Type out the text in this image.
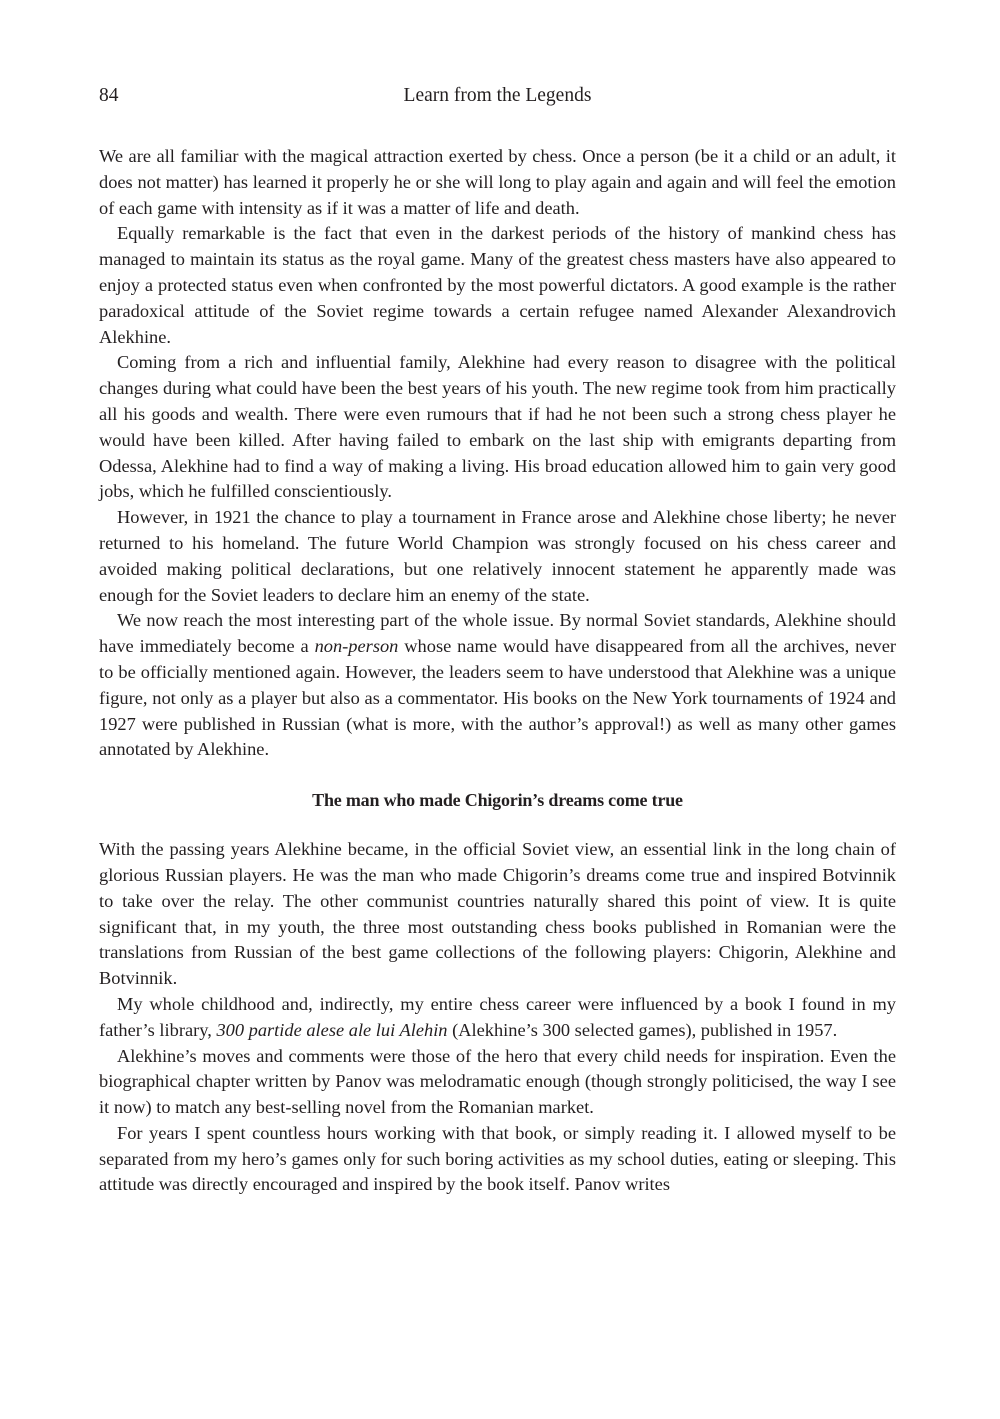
84	Learn from the Legends

We are all familiar with the magical attraction exerted by chess. Once a person (be it a child or an adult, it does not matter) has learned it properly he or she will long to play again and again and will feel the emotion of each game with intensity as if it was a matter of life and death.

Equally remarkable is the fact that even in the darkest periods of the history of mankind chess has managed to maintain its status as the royal game. Many of the greatest chess masters have also appeared to enjoy a protected status even when confronted by the most powerful dictators. A good example is the rather paradoxical attitude of the Soviet regime towards a certain refugee named Alexander Alexandrovich Alekhine.

Coming from a rich and influential family, Alekhine had every reason to disagree with the political changes during what could have been the best years of his youth. The new regime took from him practically all his goods and wealth. There were even rumours that if had he not been such a strong chess player he would have been killed. After having failed to embark on the last ship with emigrants departing from Odessa, Alekhine had to find a way of making a living. His broad education allowed him to gain very good jobs, which he fulfilled conscientiously.

However, in 1921 the chance to play a tournament in France arose and Alekhine chose liberty; he never returned to his homeland. The future World Champion was strongly focused on his chess career and avoided making political declarations, but one relatively innocent statement he apparently made was enough for the Soviet leaders to declare him an enemy of the state.

We now reach the most interesting part of the whole issue. By normal Soviet standards, Alekhine should have immediately become a non-person whose name would have disappeared from all the archives, never to be officially mentioned again. However, the leaders seem to have understood that Alekhine was a unique figure, not only as a player but also as a commentator. His books on the New York tournaments of 1924 and 1927 were published in Russian (what is more, with the author’s approval!) as well as many other games annotated by Alekhine.

The man who made Chigorin’s dreams come true

With the passing years Alekhine became, in the official Soviet view, an essential link in the long chain of glorious Russian players. He was the man who made Chigorin’s dreams come true and inspired Botvinnik to take over the relay. The other communist countries naturally shared this point of view. It is quite significant that, in my youth, the three most outstanding chess books published in Romanian were the translations from Russian of the best game collections of the following players: Chigorin, Alekhine and Botvinnik.

My whole childhood and, indirectly, my entire chess career were influenced by a book I found in my father’s library, 300 partide alese ale lui Alehin (Alekhine’s 300 selected games), published in 1957.

Alekhine’s moves and comments were those of the hero that every child needs for inspiration. Even the biographical chapter written by Panov was melodramatic enough (though strongly politicised, the way I see it now) to match any best-selling novel from the Romanian market.

For years I spent countless hours working with that book, or simply reading it. I allowed myself to be separated from my hero’s games only for such boring activities as my school duties, eating or sleeping. This attitude was directly encouraged and inspired by the book itself. Panov writes
